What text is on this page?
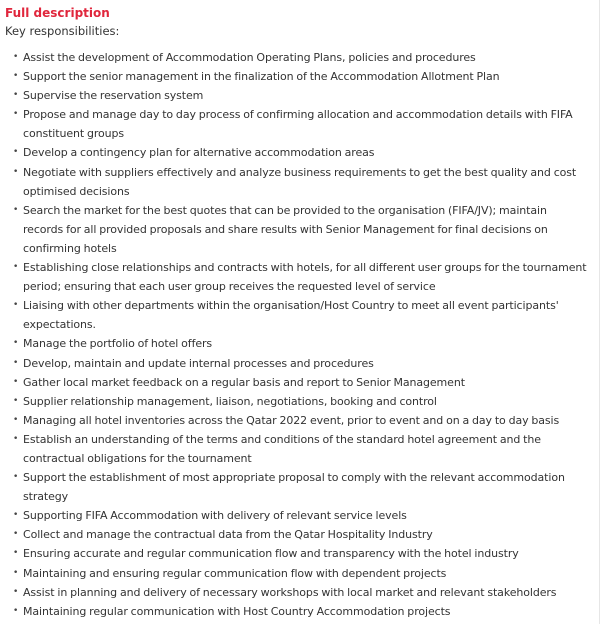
Full description
Key responsibilities:
• Assist the development of Accommodation Operating Plans, policies and procedures
• Support the senior management in the finalization of the Accommodation Allotment Plan
• Supervise the reservation system
• Propose and manage day to day process of confirming allocation and accommodation details with FIFA constituent groups
• Develop a contingency plan for alternative accommodation areas
• Negotiate with suppliers effectively and analyze business requirements to get the best quality and cost optimised decisions
• Search the market for the best quotes that can be provided to the organisation (FIFA/JV); maintain records for all provided proposals and share results with Senior Management for final decisions on confirming hotels
• Establishing close relationships and contracts with hotels, for all different user groups for the tournament period; ensuring that each user group receives the requested level of service
• Liaising with other departments within the organisation/Host Country to meet all event participants' expectations.
• Manage the portfolio of hotel offers
• Develop, maintain and update internal processes and procedures
• Gather local market feedback on a regular basis and report to Senior Management
• Supplier relationship management, liaison, negotiations, booking and control
• Managing all hotel inventories across the Qatar 2022 event, prior to event and on a day to day basis
• Establish an understanding of the terms and conditions of the standard hotel agreement and the contractual obligations for the tournament
• Support the establishment of most appropriate proposal to comply with the relevant accommodation strategy
• Supporting FIFA Accommodation with delivery of relevant service levels
• Collect and manage the contractual data from the Qatar Hospitality Industry
• Ensuring accurate and regular communication flow and transparency with the hotel industry
• Maintaining and ensuring regular communication flow with dependent projects
• Assist in planning and delivery of necessary workshops with local market and relevant stakeholders
• Maintaining regular communication with Host Country Accommodation projects
